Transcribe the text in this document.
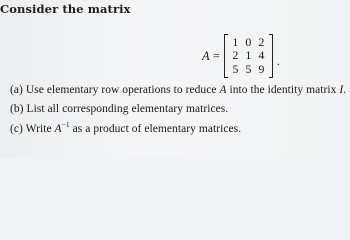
Consider the matrix
A =
1	0	2
2	1	4
5	5	9
.
(a) Use elementary row operations to reduce A into the identity matrix I.
(b) List all corresponding elementary matrices.
(c) Write $A^{-1}$ as a product of elementary matrices.
